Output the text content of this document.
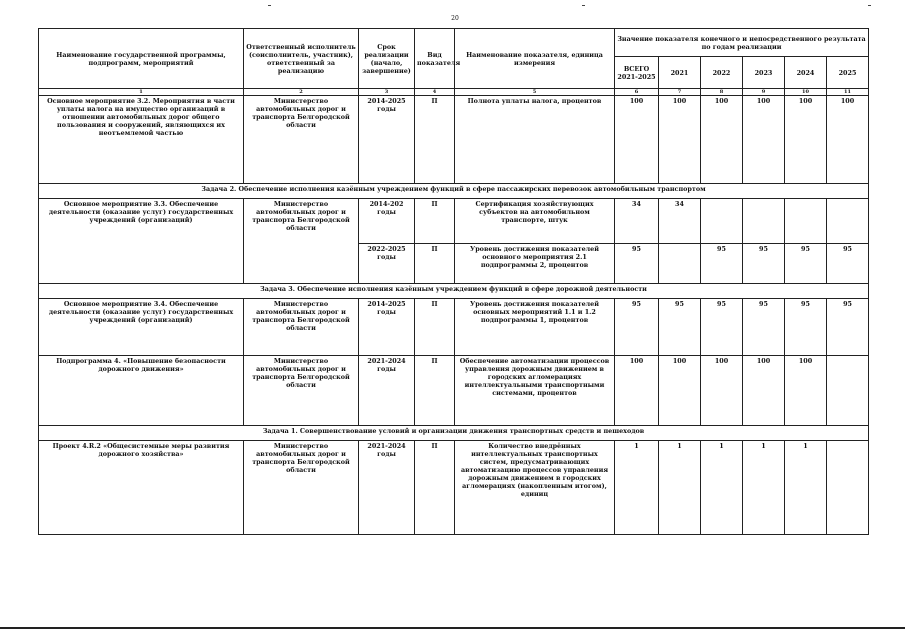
20
Наименование государственной программы, подпрограмм, мероприятий	Ответственный исполнитель (соисполнитель, участник), ответственный за реализацию	Срок реализации (начало, завершение)	Вид показателя	Наименование показателя, единица измерения	Значение показателя конечного и непосредственного результата по годам реализации					
					ВСЕГО 2021-2025	2021	2022	2023	2024	2025
1	2	3	4	5	6	7	8	9	10	11
Основное мероприятие 3.2. Мероприятия в части уплаты налога на имущество организаций в отношении автомобильных дорог общего пользования и сооружений, являющихся их неотъемлемой частью	Министерство автомобильных дорог и транспорта Белгородской области	2014-2025 годы	П	Полнота уплаты налога, процентов	100	100	100	100	100	100
Задача 2. Обеспечение исполнения казённым учреждением функций в сфере пассажирских перевозок автомобильным транспортом										
Основное мероприятие 3.3. Обеспечение деятельности (оказание услуг) государственных учреждений (организаций)	Министерство автомобильных дорог и транспорта Белгородской области	2014-202 годы	П	Сертификация хозяйствующих субъектов на автомобильном транспорте, штук	34	34				
		2022-2025 годы	П	Уровень достижения показателей основного мероприятия 2.1 подпрограммы 2, процентов	95		95	95	95	95
Задача 3. Обеспечение исполнения казённым учреждением функций в сфере дорожной деятельности										
Основное мероприятие 3.4. Обеспечение деятельности (оказание услуг) государственных учреждений (организаций)	Министерство автомобильных дорог и транспорта Белгородской области	2014-2025 годы	П	Уровень достижения показателей основных мероприятий 1.1 и 1.2 подпрограммы 1, процентов	95	95	95	95	95	95
Подпрограмма 4. «Повышение безопасности дорожного движения»	Министерство автомобильных дорог и транспорта Белгородской области	2021-2024 годы	П	Обеспечение автоматизации процессов управления дорожным движением в городских агломерациях интеллектуальными транспортными системами, процентов	100	100	100	100	100	
Задача 1. Совершенствование условий и организации движения транспортных средств и пешеходов										
Проект 4.R.2 «Общесистемные меры развития дорожного хозяйства»	Министерство автомобильных дорог и транспорта Белгородской области	2021-2024 годы	П	Количество внедрённых интеллектуальных транспортных систем, предусматривающих автоматизацию процессов управления дорожным движением в городских агломерациях (накопленным итогом), единиц	1	1	1	1	1	
